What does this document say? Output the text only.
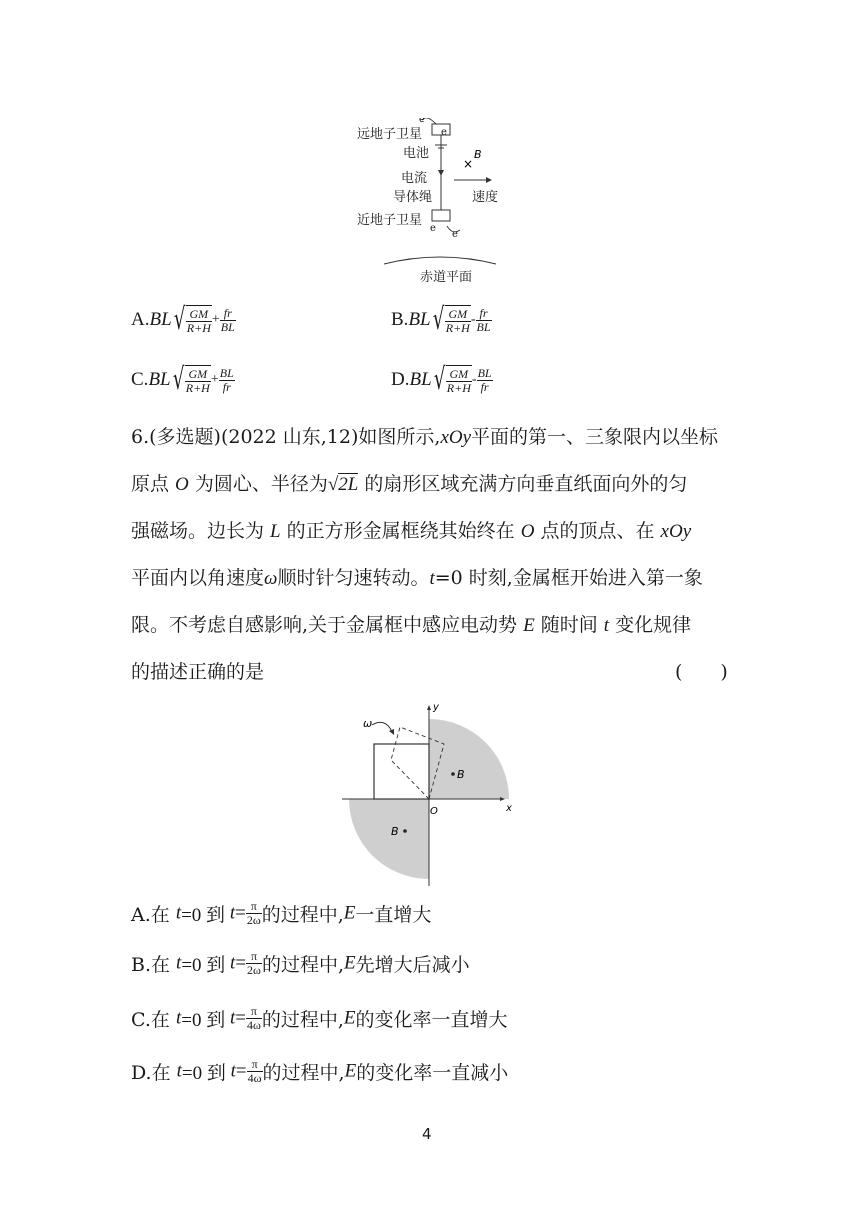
e
×
B
远地子卫星
电池
电流
导体绳
近地子卫星
速度
e
e
e
赤道平面
$A.BL√ \frac{GM}{R+H} + \frac{fr}{BL}$	$B.BL√ \frac{GM}{R+H} - \frac{fr}{BL}$
$C.BL√ \frac{GM}{R+H} + \frac{BL}{fr}$	$D.BL√ \frac{GM}{R+H} - \frac{BL}{fr}$
6.(多选题)(2022 山东,12)如图所示,xOy平面的第一、三象限内以坐标
原点 O 为圆心、半径为√2L 的扇形区域充满方向垂直纸面向外的匀
强磁场。边长为 L 的正方形金属框绕其始终在 O 点的顶点、在 xOy
平面内以角速度ω顺时针匀速转动。t=0 时刻,金属框开始进入第一象
限。不考虑自感影响,关于金属框中感应电动势 E 随时间 t 变化规律
的描述正确的是	(　　)
B
B
O	x
y
ω
A.在 t=0 到 $t= \frac{\pi}{2\omega}$ 的过程中,E一直增大
B.在 t=0 到 $t= \frac{\pi}{2\omega}$ 的过程中,E先增大后减小
C.在 t=0 到 $t= \frac{\pi}{4\omega}$ 的过程中,E的变化率一直增大
D.在 t=0 到 $t= \frac{\pi}{4\omega}$ 的过程中,E的变化率一直减小
4
